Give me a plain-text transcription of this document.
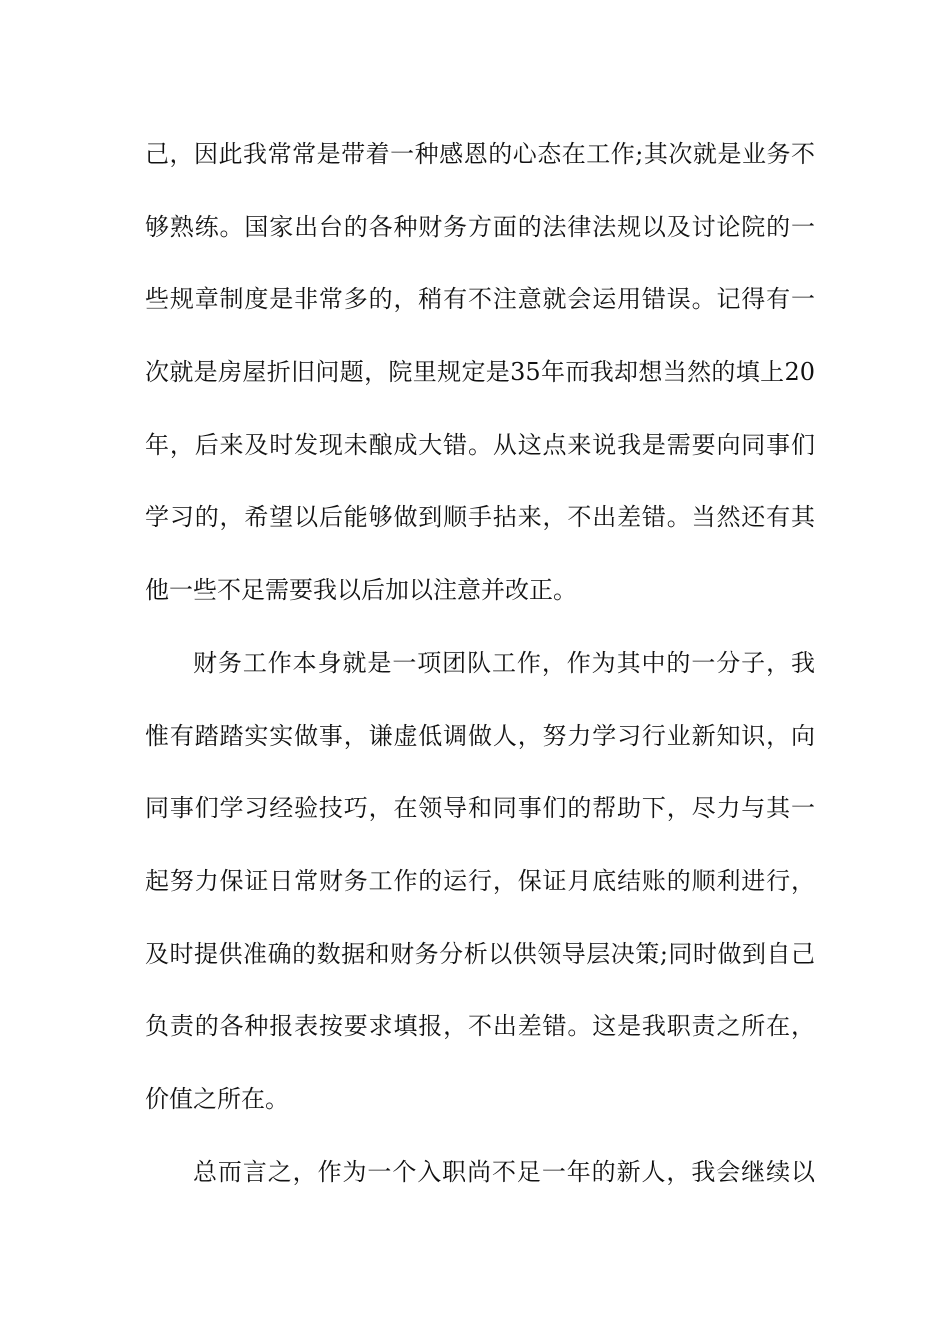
己，因此我常常是带着一种感恩的心态在工作;其次就是业务不
够熟练。国家出台的各种财务方面的法律法规以及讨论院的一
些规章制度是非常多的，稍有不注意就会运用错误。记得有一
次就是房屋折旧问题，院里规定是35年而我却想当然的填上20
年，后来及时发现未酿成大错。从这点来说我是需要向同事们
学习的，希望以后能够做到顺手拈来，不出差错。当然还有其
他一些不足需要我以后加以注意并改正。
财务工作本身就是一项团队工作，作为其中的一分子，我
惟有踏踏实实做事，谦虚低调做人，努力学习行业新知识，向
同事们学习经验技巧，在领导和同事们的帮助下，尽力与其一
起努力保证日常财务工作的运行，保证月底结账的顺利进行，
及时提供准确的数据和财务分析以供领导层决策;同时做到自己
负责的各种报表按要求填报，不出差错。这是我职责之所在，
价值之所在。
总而言之，作为一个入职尚不足一年的新人，我会继续以
